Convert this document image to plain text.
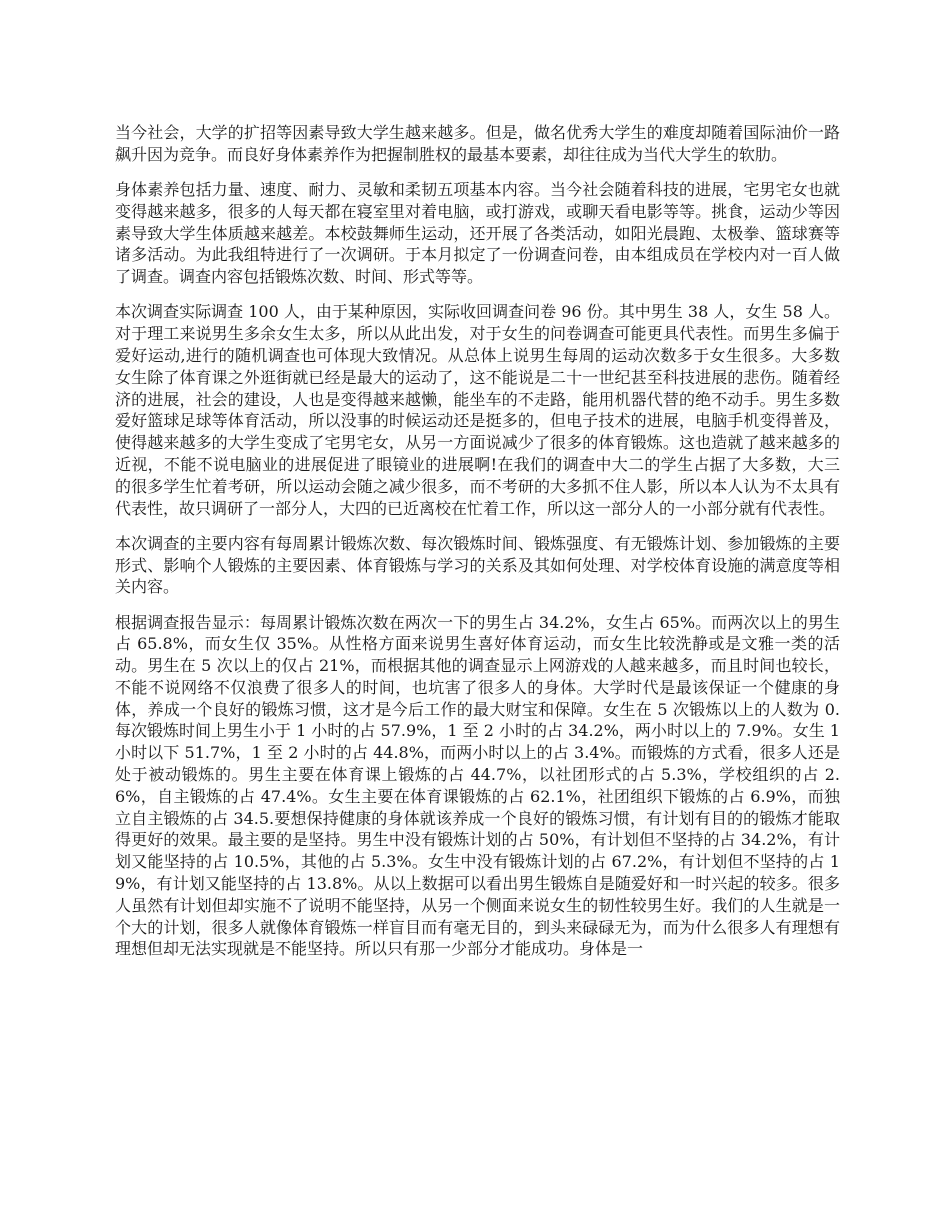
当今社会，大学的扩招等因素导致大学生越来越多。但是，做名优秀大学生的难度却随着国际油价一路飙升因为竞争。而良好身体素养作为把握制胜权的最基本要素，却往往成为当代大学生的软肋。

身体素养包括力量、速度、耐力、灵敏和柔韧五项基本内容。当今社会随着科技的进展，宅男宅女也就变得越来越多，很多的人每天都在寝室里对着电脑，或打游戏，或聊天看电影等等。挑食，运动少等因素导致大学生体质越来越差。本校鼓舞师生运动，还开展了各类活动，如阳光晨跑、太极拳、篮球赛等诸多活动。为此我组特进行了一次调研。于本月拟定了一份调查问卷，由本组成员在学校内对一百人做了调查。调查内容包括锻炼次数、时间、形式等等。

本次调查实际调查 100 人，由于某种原因，实际收回调查问卷 96 份。其中男生 38 人，女生 58 人。对于理工来说男生多余女生太多，所以从此出发，对于女生的问卷调查可能更具代表性。而男生多偏于爱好运动,进行的随机调查也可体现大致情况。从总体上说男生每周的运动次数多于女生很多。大多数女生除了体育课之外逛街就已经是最大的运动了，这不能说是二十一世纪甚至科技进展的悲伤。随着经济的进展，社会的建设，人也是变得越来越懒，能坐车的不走路，能用机器代替的绝不动手。男生多数爱好篮球足球等体育活动，所以没事的时候运动还是挺多的，但电子技术的进展，电脑手机变得普及，使得越来越多的大学生变成了宅男宅女，从另一方面说减少了很多的体育锻炼。这也造就了越来越多的近视，不能不说电脑业的进展促进了眼镜业的进展啊!在我们的调查中大二的学生占据了大多数，大三的很多学生忙着考研，所以运动会随之减少很多，而不考研的大多抓不住人影，所以本人认为不太具有代表性，故只调研了一部分人，大四的已近离校在忙着工作，所以这一部分人的一小部分就有代表性。

本次调查的主要内容有每周累计锻炼次数、每次锻炼时间、锻炼强度、有无锻炼计划、参加锻炼的主要形式、影响个人锻炼的主要因素、体育锻炼与学习的关系及其如何处理、对学校体育设施的满意度等相关内容。

根据调查报告显示：每周累计锻炼次数在两次一下的男生占 34.2%，女生占 65%。而两次以上的男生占 65.8%，而女生仅 35%。从性格方面来说男生喜好体育运动，而女生比较洗静或是文雅一类的活动。男生在 5 次以上的仅占 21%，而根据其他的调查显示上网游戏的人越来越多，而且时间也较长，不能不说网络不仅浪费了很多人的时间，也坑害了很多人的身体。大学时代是最该保证一个健康的身体，养成一个良好的锻炼习惯，这才是今后工作的最大财宝和保障。女生在 5 次锻炼以上的人数为 0.每次锻炼时间上男生小于 1 小时的占 57.9%，1 至 2 小时的占 34.2%，两小时以上的 7.9%。女生 1 小时以下 51.7%，1 至 2 小时的占 44.8%，而两小时以上的占 3.4%。而锻炼的方式看，很多人还是处于被动锻炼的。男生主要在体育课上锻炼的占 44.7%，以社团形式的占 5.3%，学校组织的占 2.6%，自主锻炼的占 47.4%。女生主要在体育课锻炼的占 62.1%，社团组织下锻炼的占 6.9%，而独立自主锻炼的占 34.5.要想保持健康的身体就该养成一个良好的锻炼习惯，有计划有目的的锻炼才能取得更好的效果。最主要的是坚持。男生中没有锻炼计划的占 50%，有计划但不坚持的占 34.2%，有计划又能坚持的占 10.5%，其他的占 5.3%。女生中没有锻炼计划的占 67.2%，有计划但不坚持的占 19%，有计划又能坚持的占 13.8%。从以上数据可以看出男生锻炼自是随爱好和一时兴起的较多。很多人虽然有计划但却实施不了说明不能坚持，从另一个侧面来说女生的韧性较男生好。我们的人生就是一个大的计划，很多人就像体育锻炼一样盲目而有毫无目的，到头来碌碌无为，而为什么很多人有理想有理想但却无法实现就是不能坚持。所以只有那一少部分才能成功。身体是一
